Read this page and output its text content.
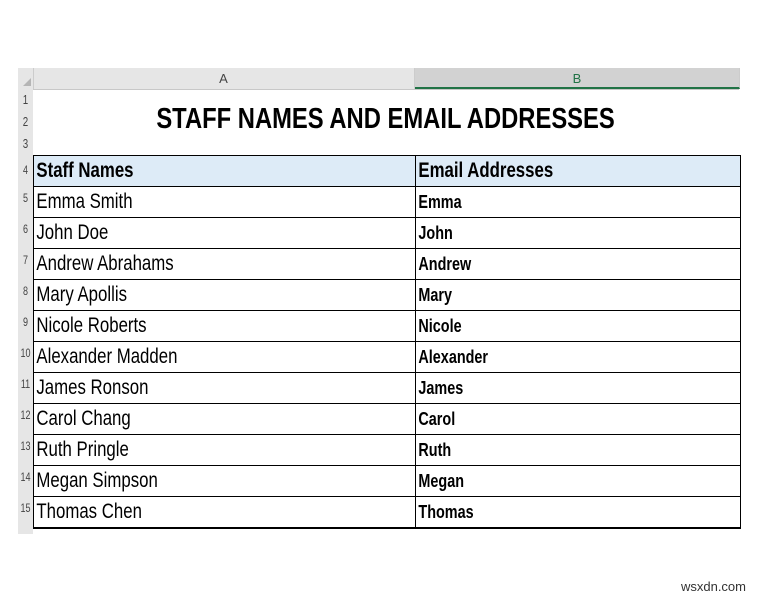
A	B
1
2
3
4
5
6
7
8
9
10
11
12
13
14
15
STAFF NAMES AND EMAIL ADDRESSES
Staff Names	Email Addresses
Emma Smith	Emma
John Doe	John
Andrew Abrahams	Andrew
Mary Apollis	Mary
Nicole Roberts	Nicole
Alexander Madden	Alexander
James Ronson	James
Carol Chang	Carol
Ruth Pringle	Ruth
Megan Simpson	Megan
Thomas Chen	Thomas
wsxdn.com
